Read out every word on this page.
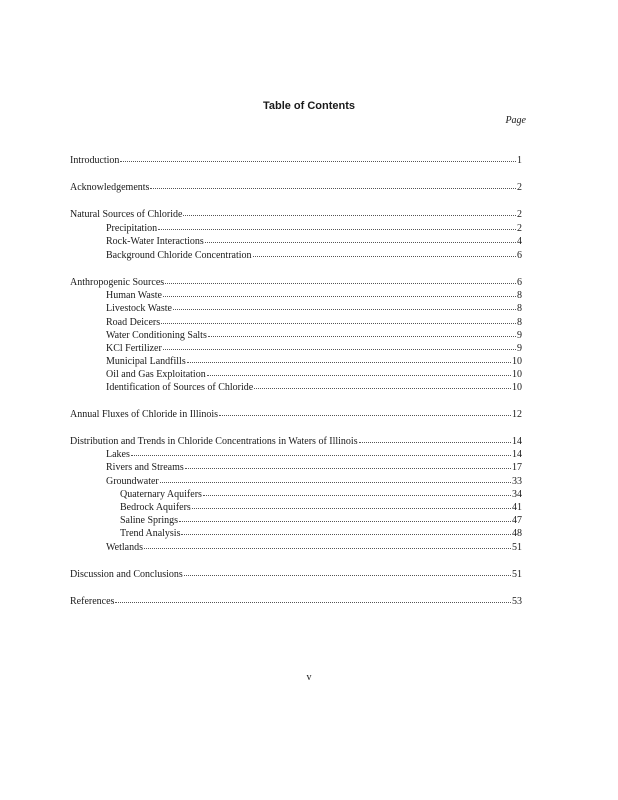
Table of Contents
Page
Introduction	1
Acknowledgements	2
Natural Sources of Chloride	2
Precipitation	2
Rock-Water Interactions	4
Background Chloride Concentration	6
Anthropogenic Sources	6
Human Waste	8
Livestock Waste	8
Road Deicers	8
Water Conditioning Salts	9
KCl Fertilizer	9
Municipal Landfills	10
Oil and Gas Exploitation	10
Identification of Sources of Chloride	10
Annual Fluxes of Chloride in Illinois	12
Distribution and Trends in Chloride Concentrations in Waters of Illinois	14
Lakes	14
Rivers and Streams	17
Groundwater	33
Quaternary Aquifers	34
Bedrock Aquifers	41
Saline Springs	47
Trend Analysis	48
Wetlands	51
Discussion and Conclusions	51
References	53
v
